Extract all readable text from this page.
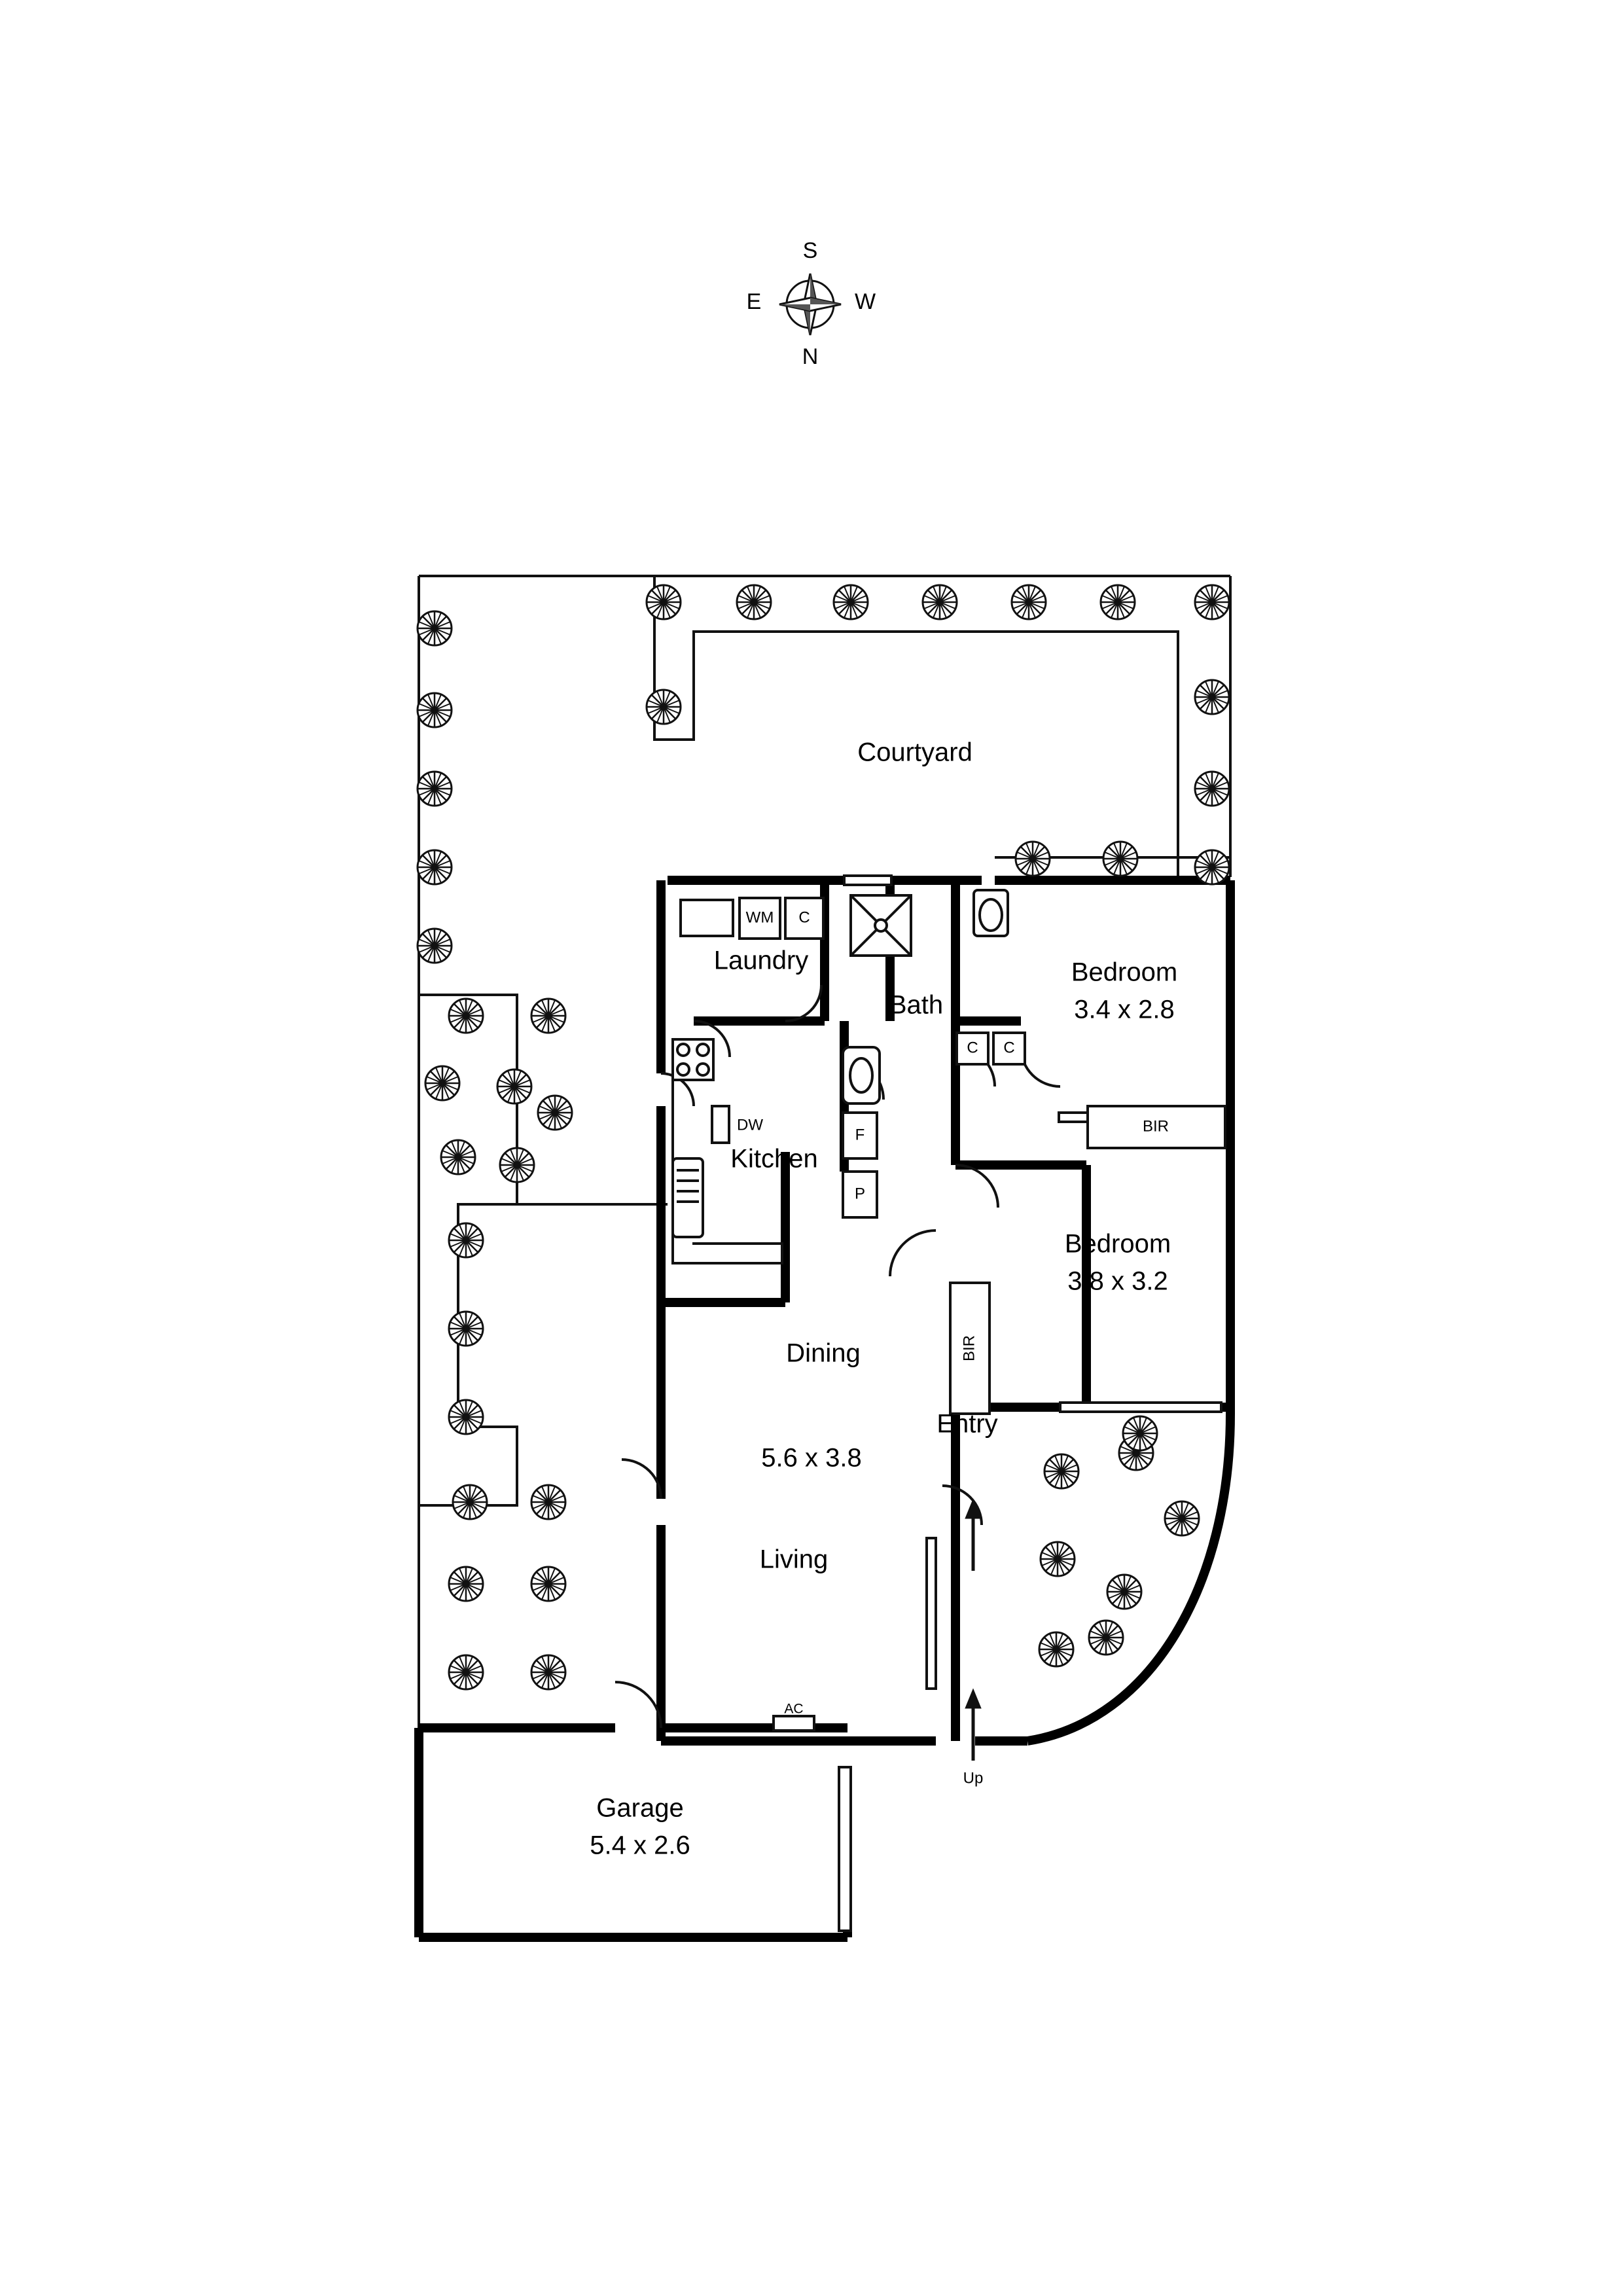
S
N
E	W
Courtyard
Laundry
Bath
Kitchen
Bedroom
3.4 x 2.8
Bedroom
3.8 x 3.2
Dining
5.6 x 3.8
Living
Entry
Garage
5.4 x 2.6
WM C
C C
DW
F
P
BIR
BIR
AC
Up
